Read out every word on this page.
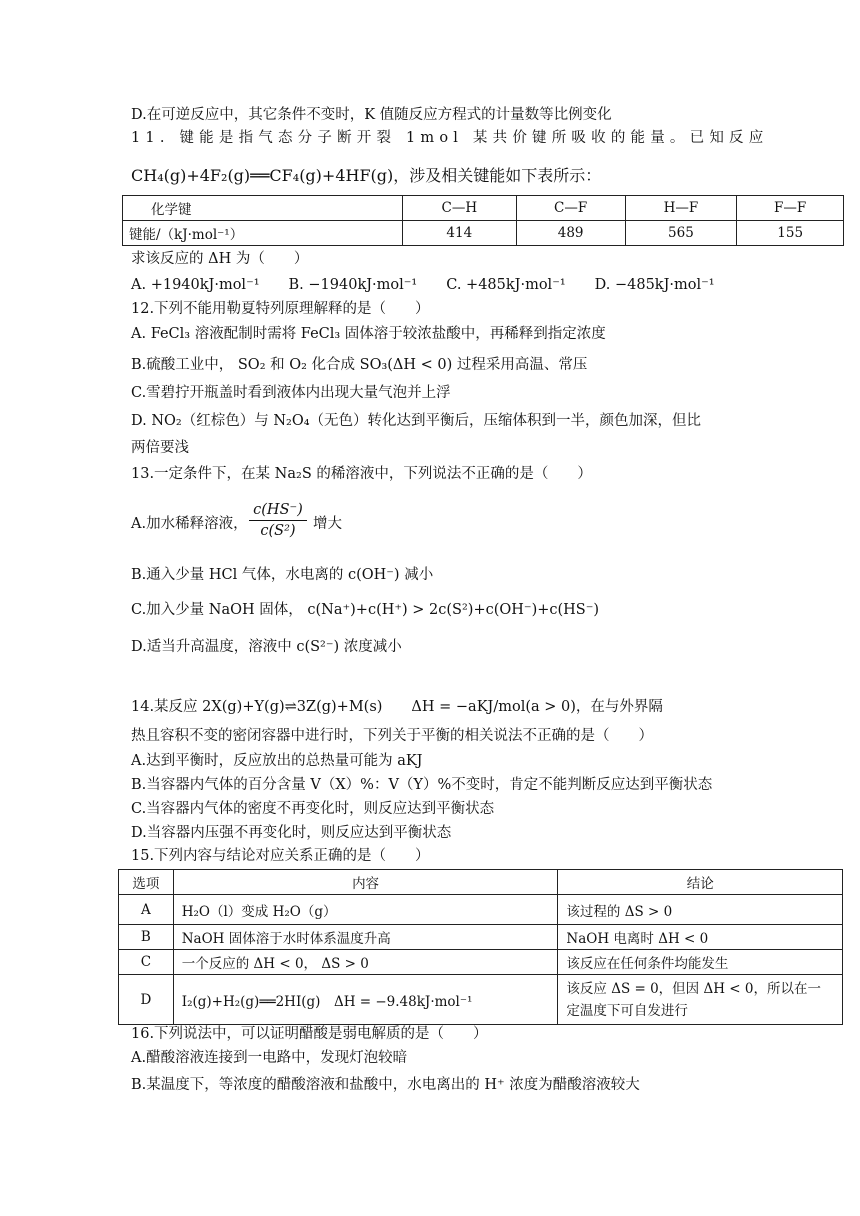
D.在可逆反应中，其它条件不变时，K 值随反应方程式的计量数等比例变化
11. 键能是指气态分子断开裂 1mol 某共价键所吸收的能量。已知反应
CH₄(g)+4F₂(g)══CF₄(g)+4HF(g)，涉及相关键能如下表所示：
化学键	C—H	C—F	H—F	F—F
键能/（kJ·mol⁻¹）	414	489	565	155
求该反应的 ΔH 为（　　）
A. +1940kJ·mol⁻¹　　B. −1940kJ·mol⁻¹　　C. +485kJ·mol⁻¹　　D. −485kJ·mol⁻¹
12.下列不能用勒夏特列原理解释的是（　　）
A. FeCl₃ 溶液配制时需将 FeCl₃ 固体溶于较浓盐酸中，再稀释到指定浓度
B.硫酸工业中， SO₂ 和 O₂ 化合成 SO₃(ΔH < 0) 过程采用高温、常压
C.雪碧拧开瓶盖时看到液体内出现大量气泡并上浮
D. NO₂（红棕色）与 N₂O₄（无色）转化达到平衡后，压缩体积到一半，颜色加深，但比
两倍要浅
13.一定条件下，在某 Na₂S 的稀溶液中，下列说法不正确的是（　　）
A.加水稀释溶液， $\frac{c(HS^-)}{\text{c(S²)}}$ 增大
B.通入少量 HCl 气体，水电离的 c(OH⁻) 减小
C.加入少量 NaOH 固体， c(Na⁺)+c(H⁺) > 2c(S²)+c(OH⁻)+c(HS⁻)
D.适当升高温度，溶液中 c(S²⁻) 浓度减小
14.某反应 2X(g)+Y(g)⇌3Z(g)+M(s)　　ΔH = −aKJ/mol(a > 0)，在与外界隔
热且容积不变的密闭容器中进行时，下列关于平衡的相关说法不正确的是（　　）
A.达到平衡时，反应放出的总热量可能为 aKJ
B.当容器内气体的百分含量 V（X）%：V（Y）%不变时，肯定不能判断反应达到平衡状态
C.当容器内气体的密度不再变化时，则反应达到平衡状态
D.当容器内压强不再变化时，则反应达到平衡状态
15.下列内容与结论对应关系正确的是（　　）
选项	内容	结论
A	H₂O（l）变成 H₂O（g）	该过程的 ΔS > 0
B	NaOH 固体溶于水时体系温度升高	NaOH 电离时 ΔH < 0
C	一个反应的 ΔH < 0， ΔS > 0	该反应在任何条件均能发生
D	I₂(g)+H₂(g)══2HI(g)　ΔH = −9.48kJ·mol⁻¹	该反应 ΔS = 0，但因 ΔH < 0，所以在一定温度下可自发进行
16.下列说法中，可以证明醋酸是弱电解质的是（　　）
A.醋酸溶液连接到一电路中，发现灯泡较暗
B.某温度下，等浓度的醋酸溶液和盐酸中，水电离出的 H⁺ 浓度为醋酸溶液较大
